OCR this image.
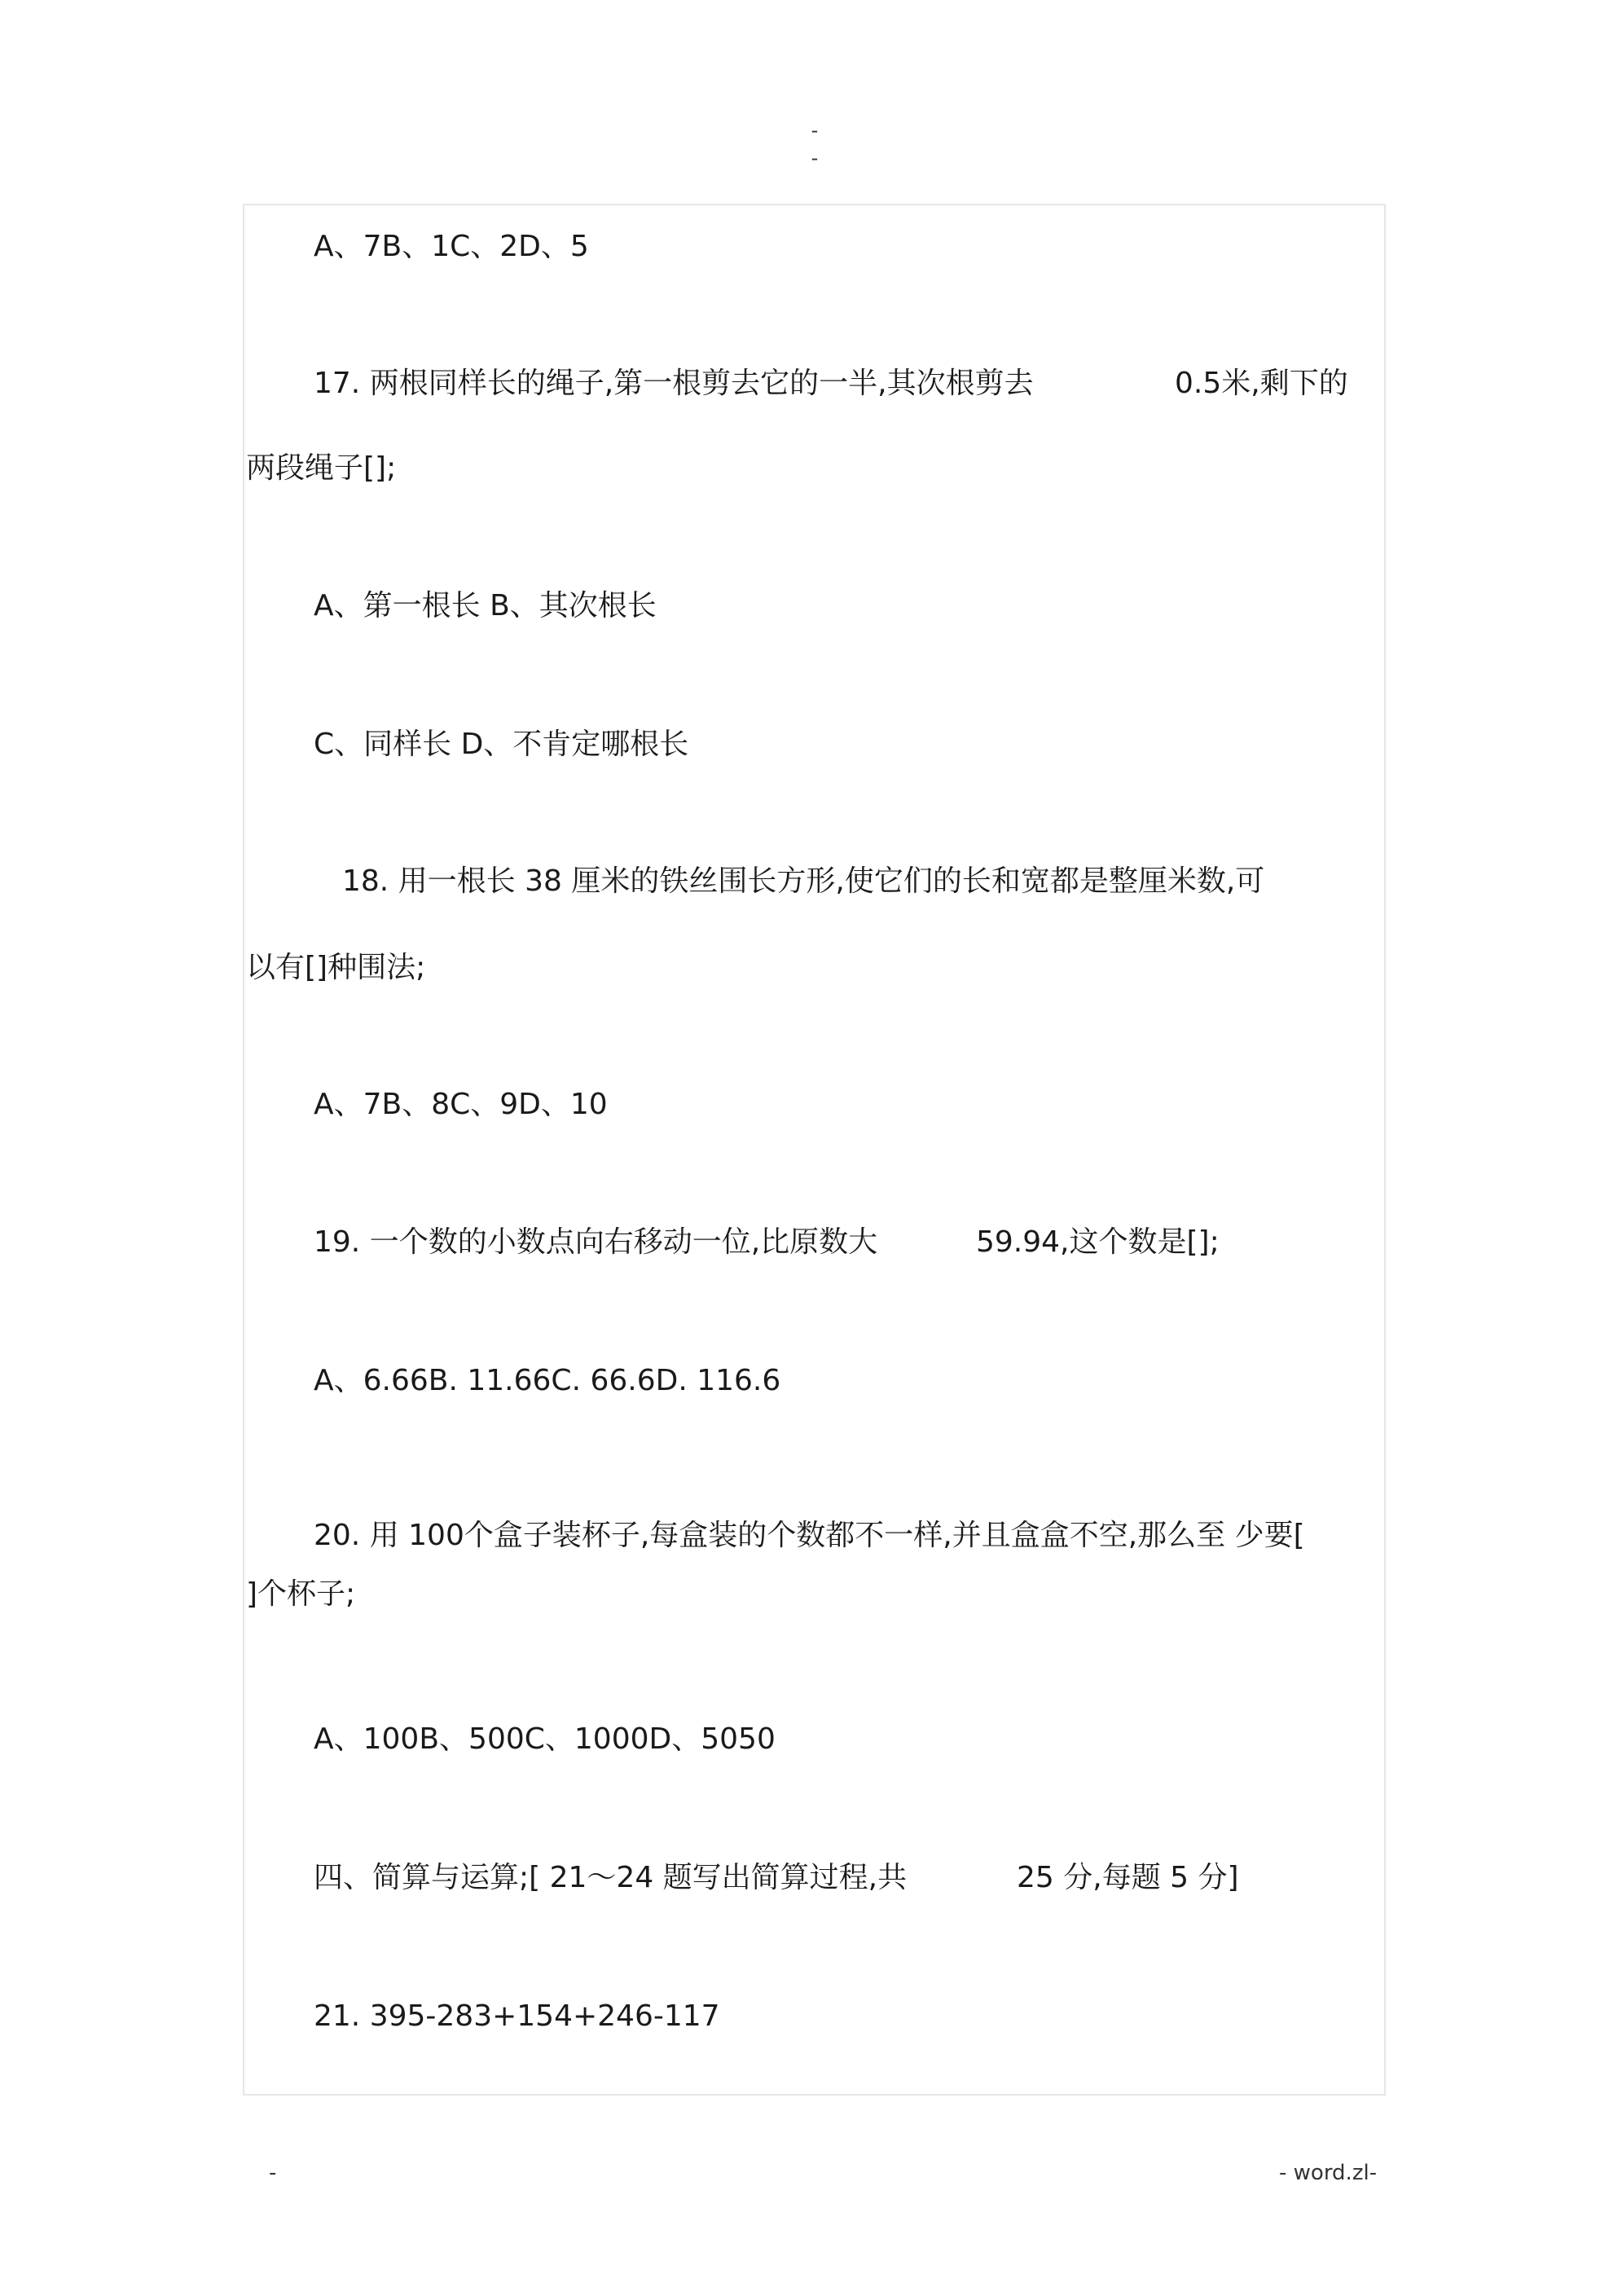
-
-
A、7B、1C、2D、5
17. 两根同样长的绳子,第一根剪去它的一半,其次根剪去	0.5米,剩下的
两段绳子[];
A、第一根长 B、其次根长
C、同样长 D、不肯定哪根长
18. 用一根长 38 厘米的铁丝围长方形,使它们的长和宽都是整厘米数,可
以有[]种围法;
A、7B、8C、9D、10
19. 一个数的小数点向右移动一位,比原数大	59.94,这个数是[];
A、6.66B. 11.66C. 66.6D. 116.6
20. 用 100个盒子装杯子,每盒装的个数都不一样,并且盒盒不空,那么至 少要[
]个杯子;
A、100B、500C、1000D、5050
四、简算与运算;[ 21～24 题写出简算过程,共	25 分,每题 5 分]
21. 395-283+154+246-117
-	- word.zl-
